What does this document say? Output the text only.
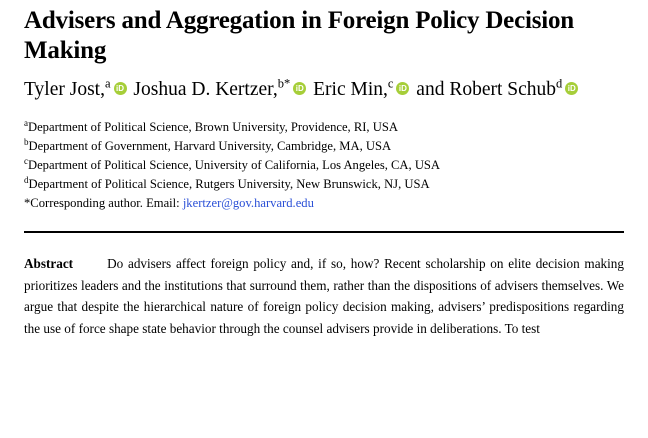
Advisers and Aggregation in Foreign Policy Decision Making
Tyler Jost,$^a$ iD Joshua D. Kertzer,$^{b*}$ iD Eric Min,$^c$ iD and Robert Schub$^d$iD
$^a$Department of Political Science, Brown University, Providence, RI, USA
$^b$Department of Government, Harvard University, Cambridge, MA, USA
$^c$Department of Political Science, University of California, Los Angeles, CA, USA
$^d$Department of Political Science, Rutgers University, New Brunswick, NJ, USA
*Corresponding author. Email: jkertzer@gov.harvard.edu
Abstract	Do advisers affect foreign policy and, if so, how? Recent scholarship on elite decision making prioritizes leaders and the institutions that surround them, rather than the dispositions of advisers themselves. We argue that despite the hierarchical nature of foreign policy decision making, advisers’ predispositions regarding the use of force shape state behavior through the counsel advisers provide in deliberations. To test
